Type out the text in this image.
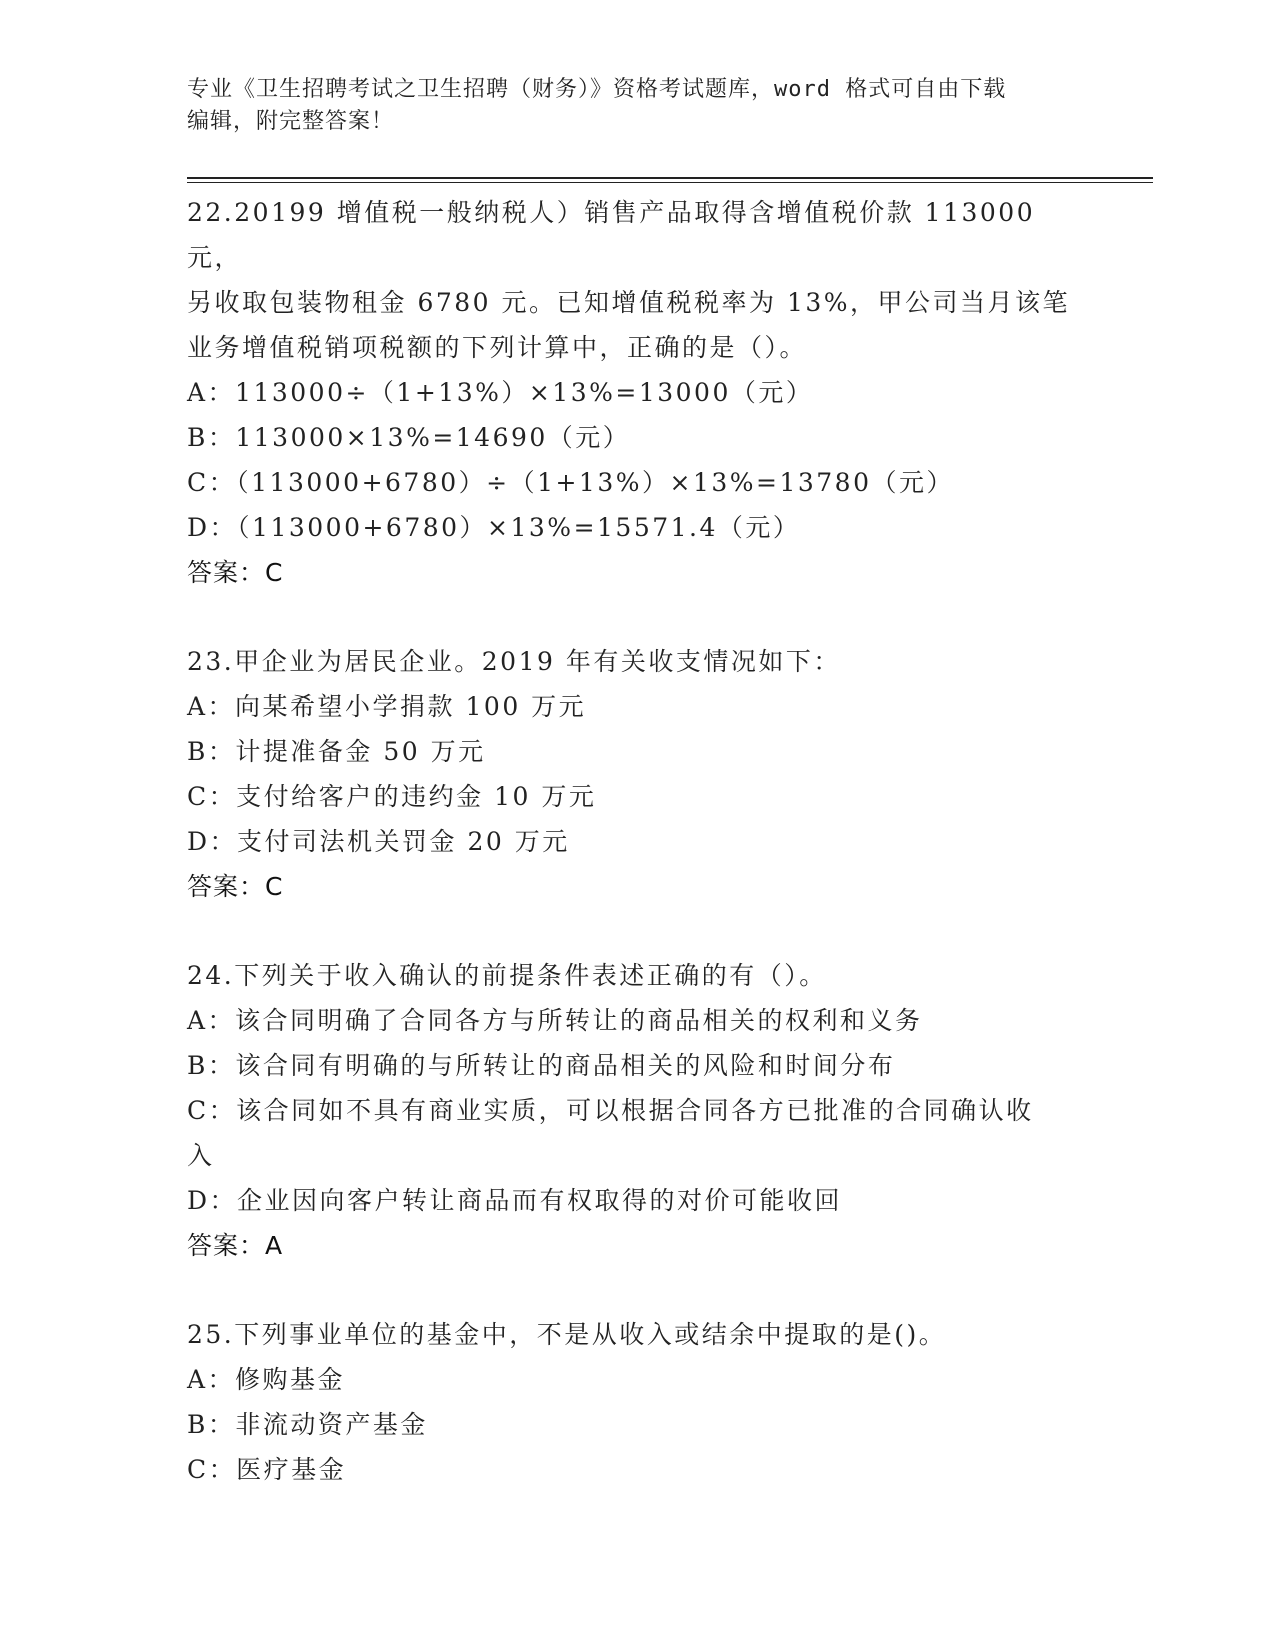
专业《卫生招聘考试之卫生招聘（财务）》资格考试题库，word 格式可自由下载
编辑，附完整答案！
22.20199 增值税一般纳税人）销售产品取得含增值税价款 113000 元，
另收取包装物租金 6780 元。已知增值税税率为 13%，甲公司当月该笔
业务增值税销项税额的下列计算中，正确的是（）。
A：113000÷（1+13%）×13%=13000（元）
B：113000×13%=14690（元）
C：（113000+6780）÷（1+13%）×13%=13780（元）
D：（113000+6780）×13%=15571.4（元）
答案：C
23.甲企业为居民企业。2019 年有关收支情况如下：
A：向某希望小学捐款 100 万元
B：计提准备金 50 万元
C：支付给客户的违约金 10 万元
D：支付司法机关罚金 20 万元
答案：C
24.下列关于收入确认的前提条件表述正确的有（）。
A：该合同明确了合同各方与所转让的商品相关的权利和义务
B：该合同有明确的与所转让的商品相关的风险和时间分布
C：该合同如不具有商业实质，可以根据合同各方已批准的合同确认收
入
D：企业因向客户转让商品而有权取得的对价可能收回
答案：A
25.下列事业单位的基金中，不是从收入或结余中提取的是()。
A：修购基金
B：非流动资产基金
C：医疗基金
